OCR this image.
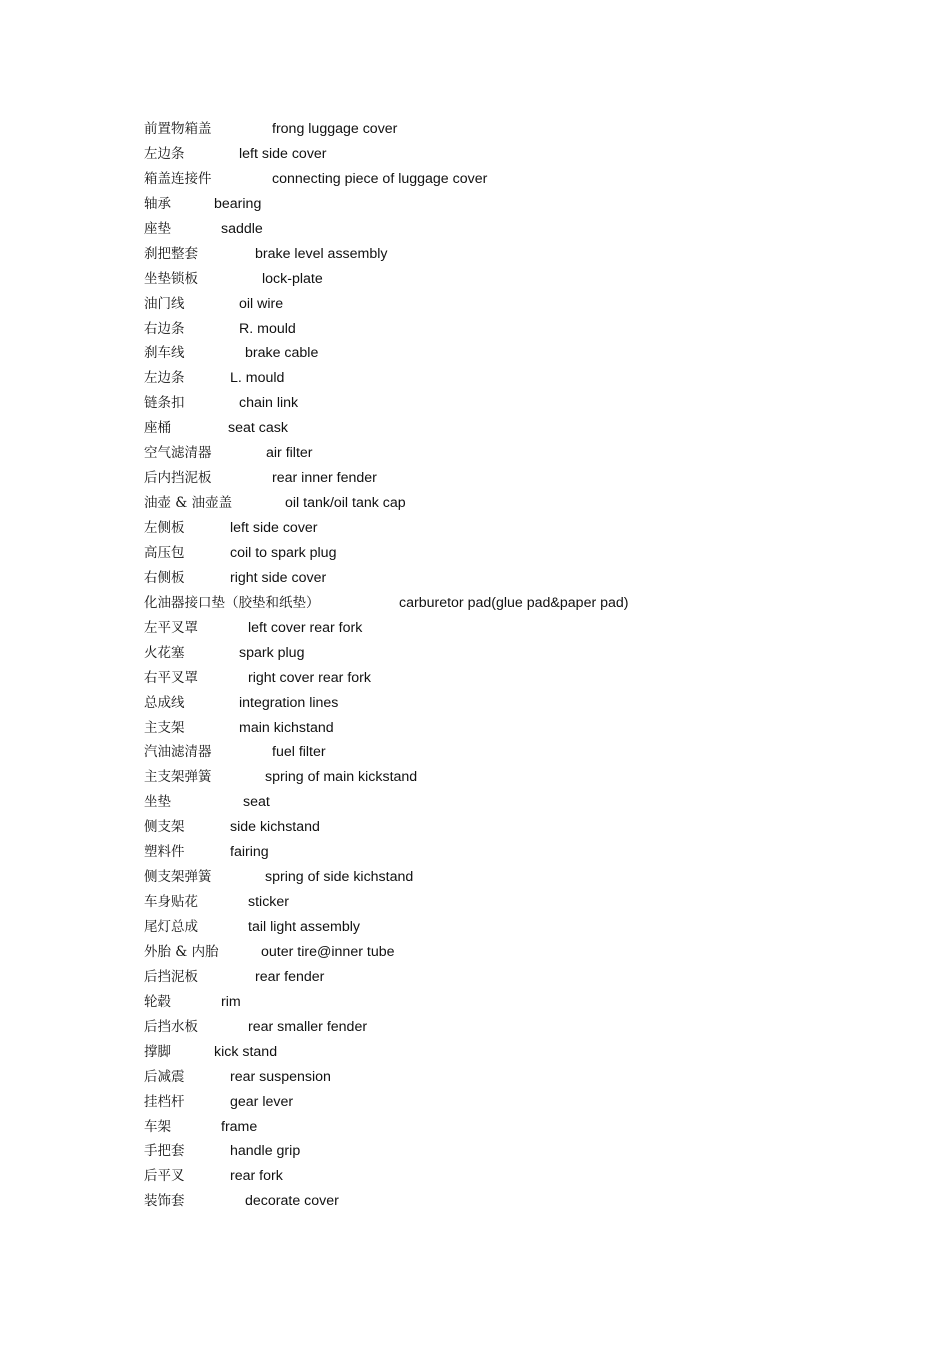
前置物箱盖	frong luggage cover
左边条	left side cover
箱盖连接件	connecting piece of luggage cover
轴承	bearing
座垫	saddle
刹把整套	brake level assembly
坐垫锁板	lock-plate
油门线	oil wire
右边条	R. mould
刹车线	brake cable
左边条	L. mould
链条扣	chain link
座桶	seat cask
空气滤清器	air filter
后内挡泥板	rear inner fender
油壶 & 油壶盖	oil tank/oil tank cap
左侧板	left side cover
高压包	coil to spark plug
右侧板	right side cover
化油器接口垫（胶垫和纸垫）	carburetor pad(glue pad&paper pad)
左平叉罩	left cover rear fork
火花塞	spark plug
右平叉罩	right cover rear fork
总成线	integration lines
主支架	main kichstand
汽油滤清器	fuel filter
主支架弹簧	spring of main kickstand
坐垫	seat
侧支架	side kichstand
塑料件	fairing
侧支架弹簧	spring of side kichstand
车身贴花	sticker
尾灯总成	tail light assembly
外胎 & 内胎	outer tire@inner tube
后挡泥板	rear fender
轮毂	rim
后挡水板	rear smaller fender
撑脚	kick stand
后减震	rear suspension
挂档杆	gear lever
车架	frame
手把套	handle grip
后平叉	rear fork
装饰套	decorate cover
